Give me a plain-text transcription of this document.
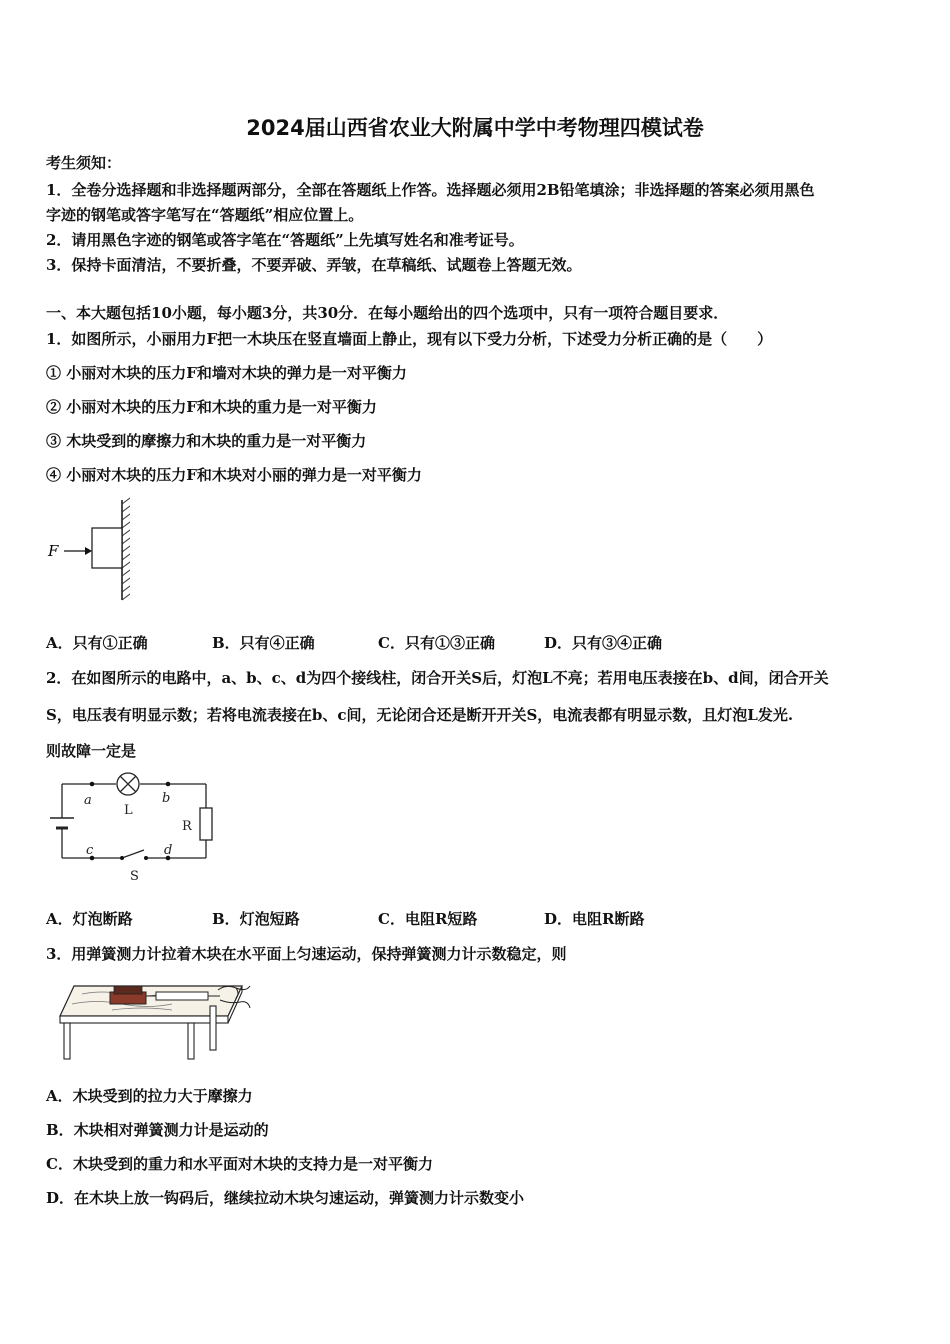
2024届山西省农业大附属中学中考物理四模试卷
考生须知：
1．全卷分选择题和非选择题两部分，全部在答题纸上作答。选择题必须用2B铅笔填涂；非选择题的答案必须用黑色
字迹的钢笔或答字笔写在“答题纸”相应位置上。
2．请用黑色字迹的钢笔或答字笔在“答题纸”上先填写姓名和准考证号。
3．保持卡面清洁，不要折叠，不要弄破、弄皱，在草稿纸、试题卷上答题无效。
一、本大题包括10小题，每小题3分，共30分．在每小题给出的四个选项中，只有一项符合题目要求．
1．如图所示，小丽用力F把一木块压在竖直墙面上静止，现有以下受力分析，下述受力分析正确的是（　　）
① 小丽对木块的压力F和墙对木块的弹力是一对平衡力
② 小丽对木块的压力F和木块的重力是一对平衡力
③ 木块受到的摩擦力和木块的重力是一对平衡力
④ 小丽对木块的压力F和木块对小丽的弹力是一对平衡力
F
A．只有①正确	B．只有④正确	C．只有①③正确	D．只有③④正确
2．在如图所示的电路中，a、b、c、d为四个接线柱，闭合开关S后，灯泡L不亮；若用电压表接在b、d间，闭合开关
S，电压表有明显示数；若将电流表接在b、c间，无论闭合还是断开开关S，电流表都有明显示数，且灯泡L发光.
则故障一定是
a	b
L
R
c	d
S
A．灯泡断路	B．灯泡短路	C．电阻R短路	D．电阻R断路
3．用弹簧测力计拉着木块在水平面上匀速运动，保持弹簧测力计示数稳定，则
A．木块受到的拉力大于摩擦力
B．木块相对弹簧测力计是运动的
C．木块受到的重力和水平面对木块的支持力是一对平衡力
D．在木块上放一钩码后，继续拉动木块匀速运动，弹簧测力计示数变小
